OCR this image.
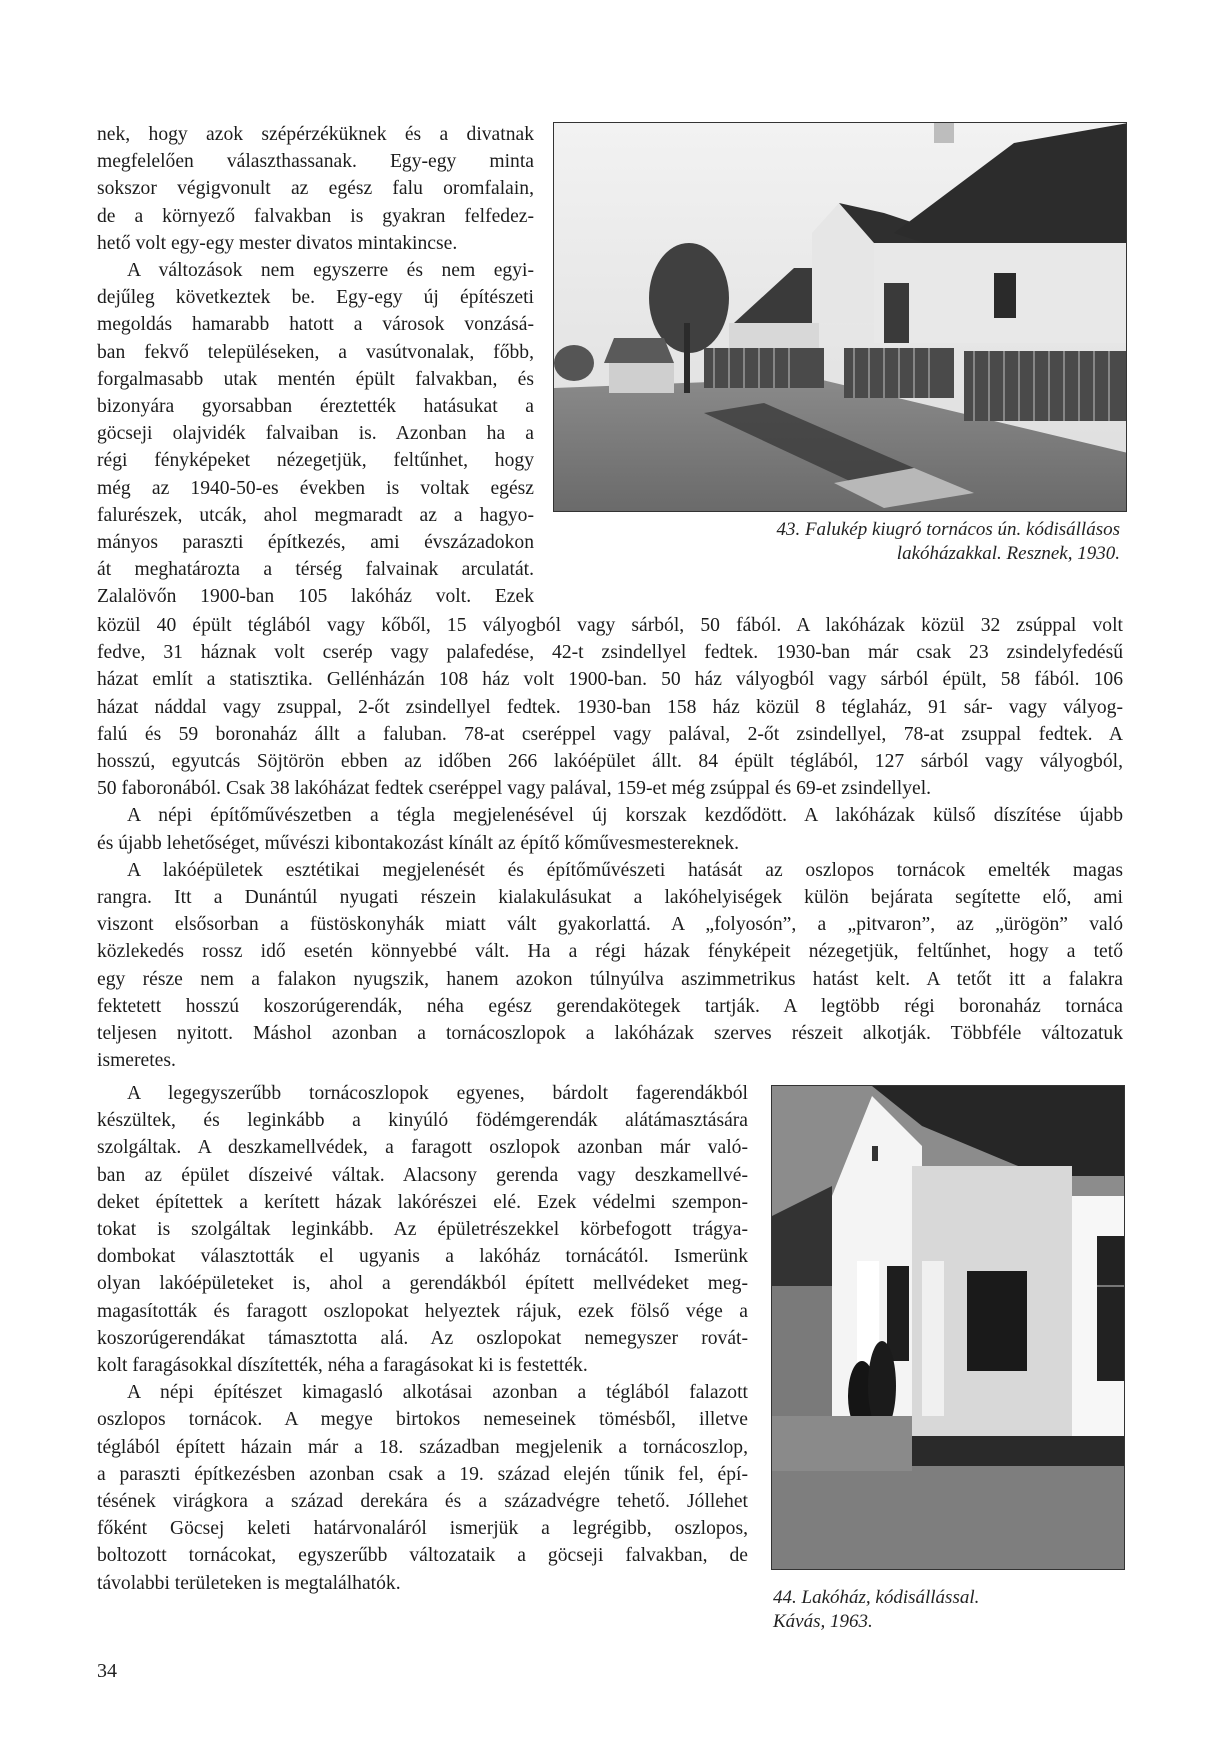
nek, hogy azok szépérzéküknek és a divatnak
megfelelően választhassanak. Egy-egy minta
sokszor végigvonult az egész falu oromfalain,
de a környező falvakban is gyakran felfedez-
hető volt egy-egy mester divatos mintakincse.
A változások nem egyszerre és nem egyi-
dejűleg következtek be. Egy-egy új építészeti
megoldás hamarabb hatott a városok vonzásá-
ban fekvő településeken, a vasútvonalak, főbb,
forgalmasabb utak mentén épült falvakban, és
bizonyára gyorsabban éreztették hatásukat a
göcseji olajvidék falvaiban is. Azonban ha a
régi fényképeket nézegetjük, feltűnhet, hogy
még az 1940-50-es években is voltak egész
falurészek, utcák, ahol megmaradt az a hagyo-
mányos paraszti építkezés, ami évszázadokon
át meghatározta a térség falvainak arculatát.
Zalalövőn 1900-ban 105 lakóház volt. Ezek
43. Falukép kiugró tornácos ún. kódisállásos
lakóházakkal. Resznek, 1930.
közül 40 épült téglából vagy kőből, 15 vályogból vagy sárból, 50 fából. A lakóházak közül 32 zsúppal volt
fedve, 31 háznak volt cserép vagy palafedése, 42-t zsindellyel fedtek. 1930-ban már csak 23 zsindelyfedésű
házat említ a statisztika. Gellénházán 108 ház volt 1900-ban. 50 ház vályogból vagy sárból épült, 58 fából. 106
házat náddal vagy zsuppal, 2-őt zsindellyel fedtek. 1930-ban 158 ház közül 8 téglaház, 91 sár- vagy vályog-
falú és 59 boronaház állt a faluban. 78-at cseréppel vagy palával, 2-őt zsindellyel, 78-at zsuppal fedtek. A
hosszú, egyutcás Söjtörön ebben az időben 266 lakóépület állt. 84 épült téglából, 127 sárból vagy vályogból,
50 faboronából. Csak 38 lakóházat fedtek cseréppel vagy palával, 159-et még zsúppal és 69-et zsindellyel.
A népi építőművészetben a tégla megjelenésével új korszak kezdődött. A lakóházak külső díszítése újabb
és újabb lehetőséget, művészi kibontakozást kínált az építő kőművesmestereknek.
A lakóépületek esztétikai megjelenését és építőművészeti hatását az oszlopos tornácok emelték magas
rangra. Itt a Dunántúl nyugati részein kialakulásukat a lakóhelyiségek külön bejárata segítette elő, ami
viszont elsősorban a füstöskonyhák miatt vált gyakorlattá. A „folyosón”, a „pitvaron”, az „ürögön” való
közlekedés rossz idő esetén könnyebbé vált. Ha a régi házak fényképeit nézegetjük, feltűnhet, hogy a tető
egy része nem a falakon nyugszik, hanem azokon túlnyúlva aszimmetrikus hatást kelt. A tetőt itt a falakra
fektetett hosszú koszorúgerendák, néha egész gerendakötegek tartják. A legtöbb régi boronaház tornáca
teljesen nyitott. Máshol azonban a tornácoszlopok a lakóházak szerves részeit alkotják. Többféle változatuk
ismeretes.
A legegyszerűbb tornácoszlopok egyenes, bárdolt fagerendákból
készültek, és leginkább a kinyúló födémgerendák alátámasztására
szolgáltak. A deszkamellvédek, a faragott oszlopok azonban már való-
ban az épület díszeivé váltak. Alacsony gerenda vagy deszkamellvé-
deket építettek a kerített házak lakórészei elé. Ezek védelmi szempon-
tokat is szolgáltak leginkább. Az épületrészekkel körbefogott trágya-
dombokat választották el ugyanis a lakóház tornácától. Ismerünk
olyan lakóépületeket is, ahol a gerendákból épített mellvédeket meg-
magasították és faragott oszlopokat helyeztek rájuk, ezek fölső vége a
koszorúgerendákat támasztotta alá. Az oszlopokat nemegyszer rovát-
kolt faragásokkal díszítették, néha a faragásokat ki is festették.
A népi építészet kimagasló alkotásai azonban a téglából falazott
oszlopos tornácok. A megye birtokos nemeseinek tömésből, illetve
téglából épített házain már a 18. században megjelenik a tornácoszlop,
a paraszti építkezésben azonban csak a 19. század elején tűnik fel, épí-
tésének virágkora a század derekára és a századvégre tehető. Jóllehet
főként Göcsej keleti határvonaláról ismerjük a legrégibb, oszlopos,
boltozott tornácokat, egyszerűbb változataik a göcseji falvakban, de
távolabbi területeken is megtalálhatók.
44. Lakóház, kódisállással.
Kávás, 1963.
34
